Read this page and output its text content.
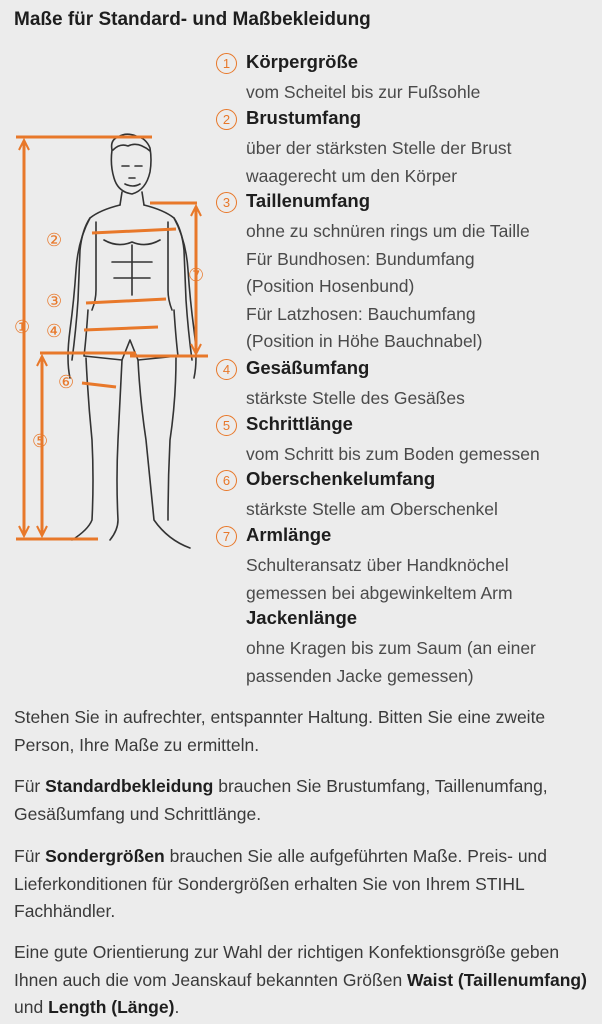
Maße für Standard- und Maßbekleidung
①
②
③
④
⑤
⑥
⑦
1 Körpergröße
vom Scheitel bis zur Fußsohle
2 Brustumfang
über der stärksten Stelle der Brust
waagerecht um den Körper
3 Taillenumfang
ohne zu schnüren rings um die Taille
Für Bundhosen: Bundumfang
(Position Hosenbund)
Für Latzhosen: Bauchumfang
(Position in Höhe Bauchnabel)
4 Gesäßumfang
stärkste Stelle des Gesäßes
5 Schrittlänge
vom Schritt bis zum Boden gemessen
6 Oberschenkelumfang
stärkste Stelle am Oberschenkel
7 Armlänge
Schulteransatz über Handknöchel
gemessen bei abgewinkeltem Arm
Jackenlänge
ohne Kragen bis zum Saum (an einer
passenden Jacke gemessen)
Stehen Sie in aufrechter, entspannter Haltung. Bitten Sie eine zweite Person, Ihre Maße zu ermitteln.
Für Standardbekleidung brauchen Sie Brustumfang, Taillenumfang, Gesäßumfang und Schrittlänge.
Für Sondergrößen brauchen Sie alle aufgeführten Maße. Preis- und Lieferkonditionen für Sondergrößen erhalten Sie von Ihrem STIHL Fachhändler.
Eine gute Orientierung zur Wahl der richtigen Konfektionsgröße geben Ihnen auch die vom Jeanskauf bekannten Größen Waist (Taillenumfang) und Length (Länge).
